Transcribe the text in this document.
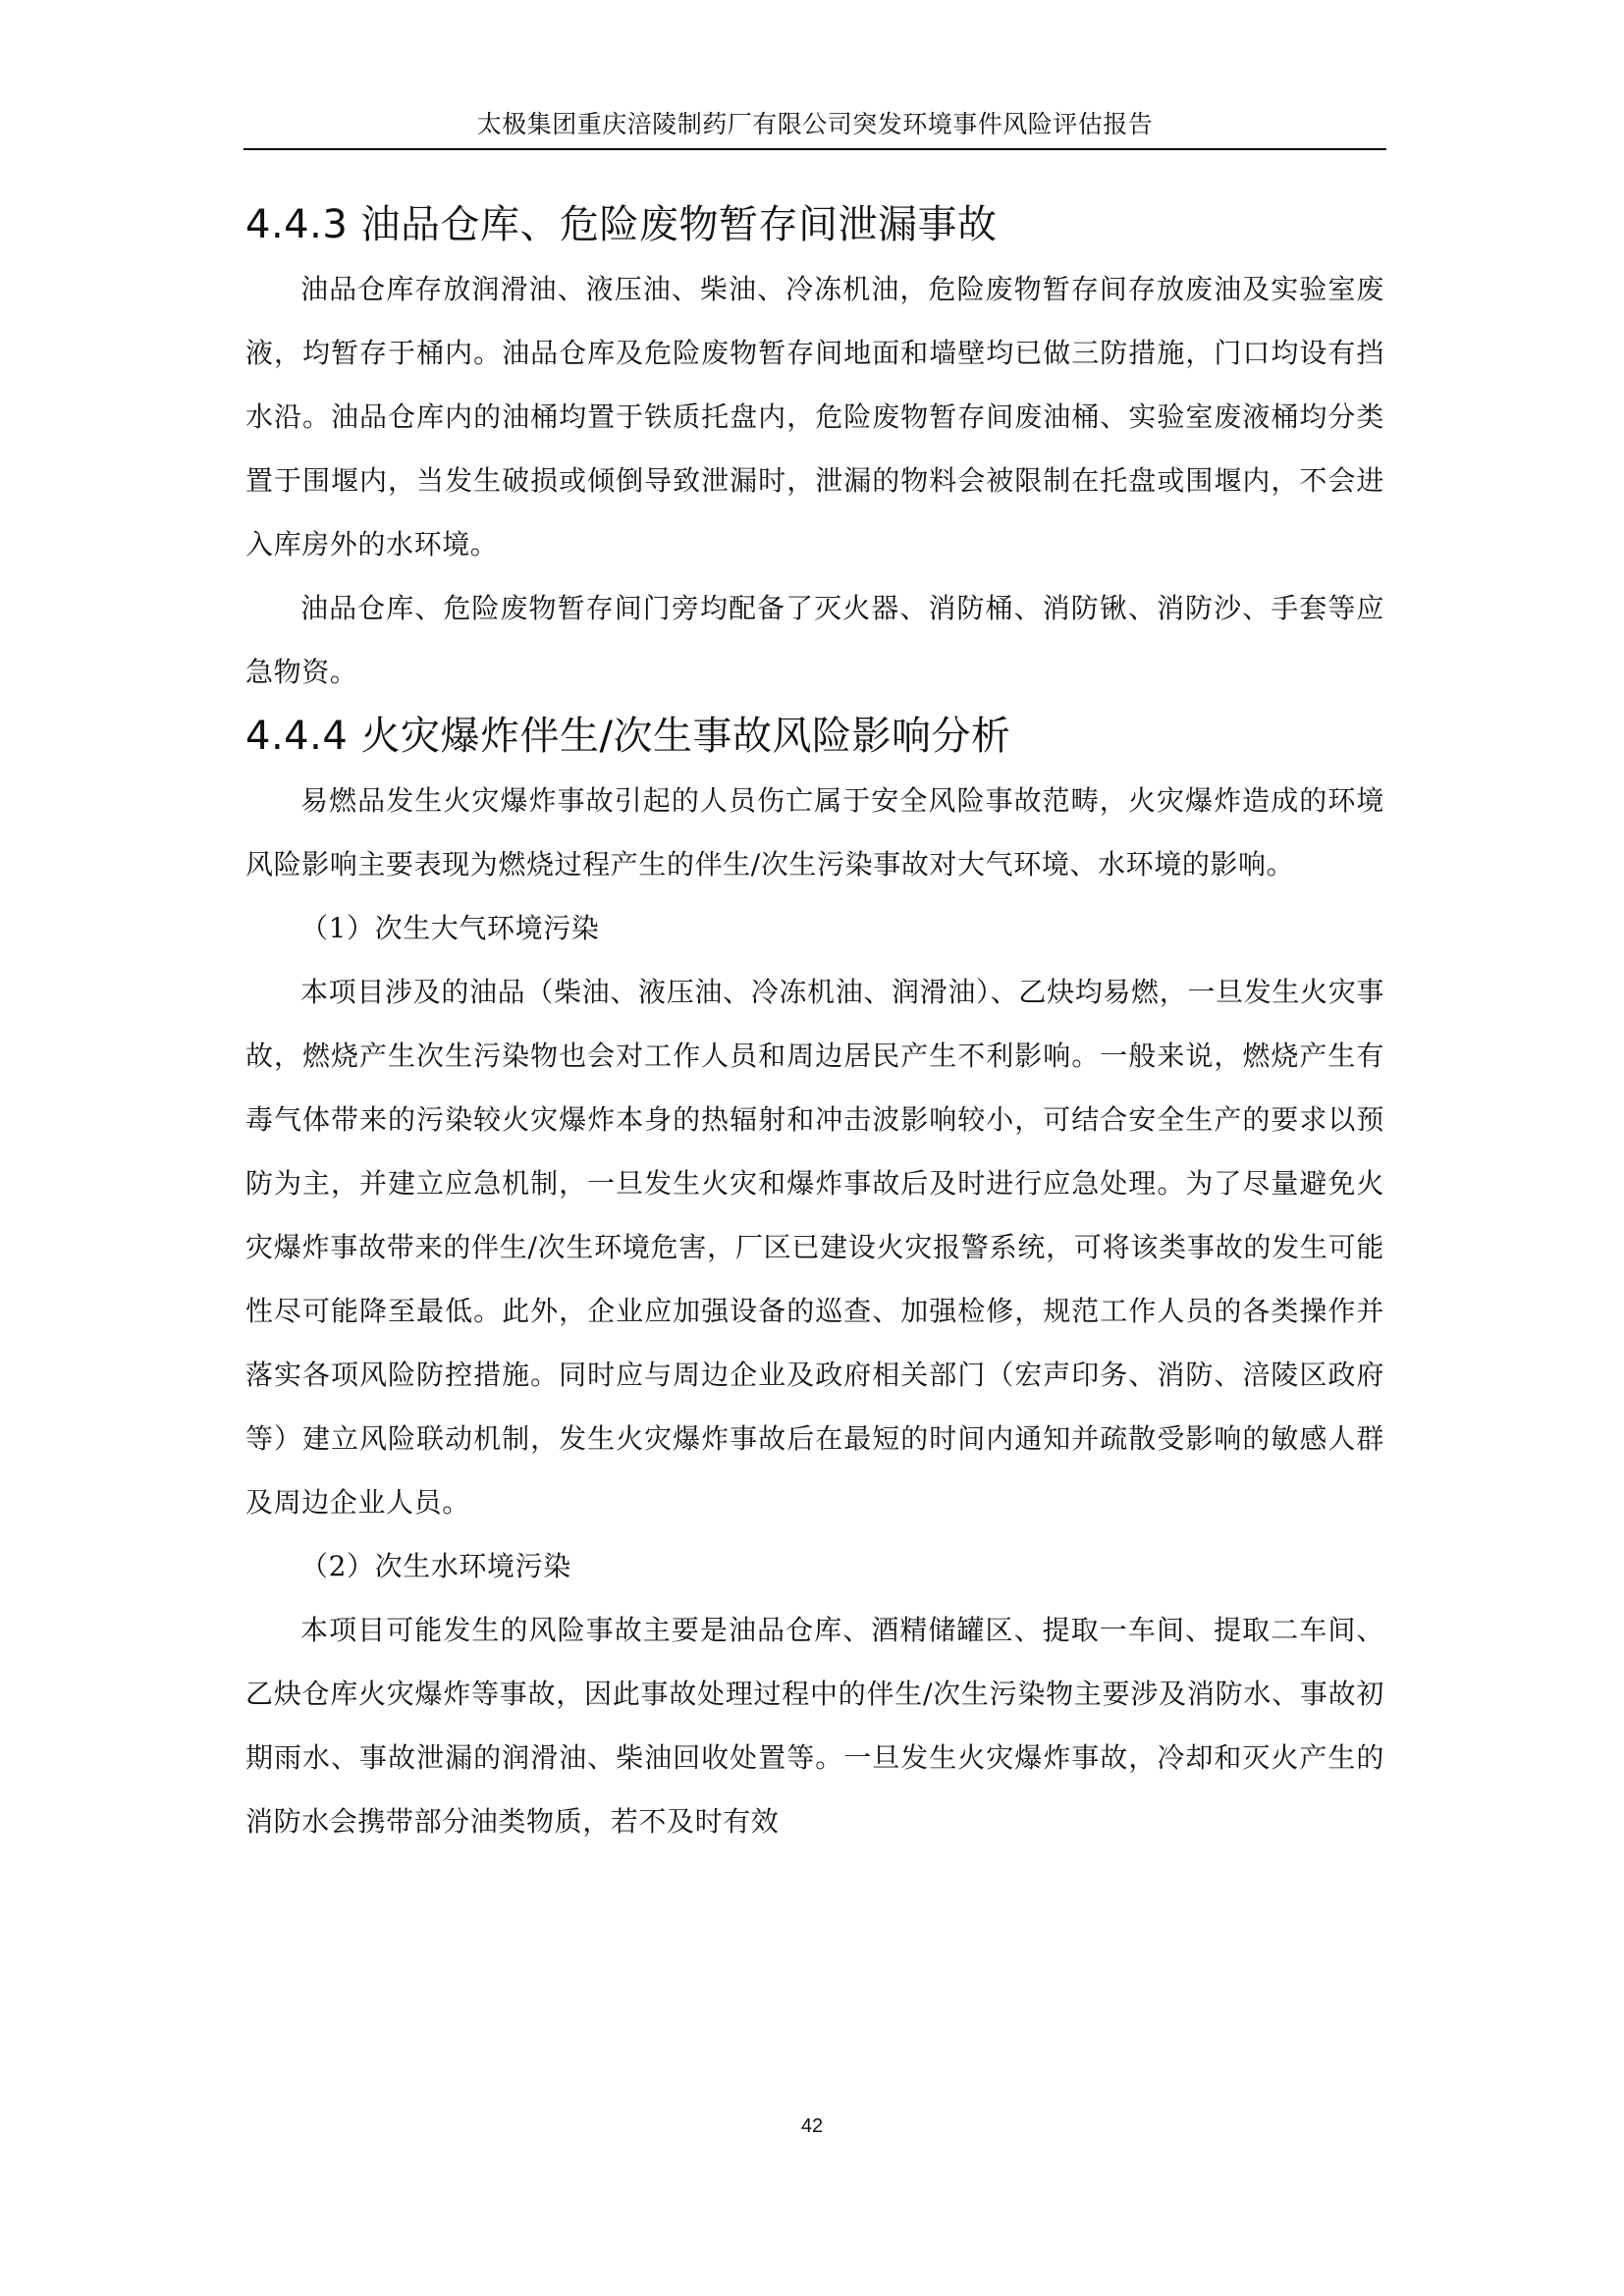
太极集团重庆涪陵制药厂有限公司突发环境事件风险评估报告
4.4.3 油品仓库、危险废物暂存间泄漏事故

油品仓库存放润滑油、液压油、柴油、冷冻机油，危险废物暂存间存放废油及实验室废液，均暂存于桶内。油品仓库及危险废物暂存间地面和墙壁均已做三防措施，门口均设有挡水沿。油品仓库内的油桶均置于铁质托盘内，危险废物暂存间废油桶、实验室废液桶均分类置于围堰内，当发生破损或倾倒导致泄漏时，泄漏的物料会被限制在托盘或围堰内，不会进入库房外的水环境。

油品仓库、危险废物暂存间门旁均配备了灭火器、消防桶、消防锹、消防沙、手套等应急物资。

4.4.4 火灾爆炸伴生/次生事故风险影响分析

易燃品发生火灾爆炸事故引起的人员伤亡属于安全风险事故范畴，火灾爆炸造成的环境风险影响主要表现为燃烧过程产生的伴生/次生污染事故对大气环境、水环境的影响。

（1）次生大气环境污染

本项目涉及的油品（柴油、液压油、冷冻机油、润滑油）、乙炔均易燃，一旦发生火灾事故，燃烧产生次生污染物也会对工作人员和周边居民产生不利影响。一般来说，燃烧产生有毒气体带来的污染较火灾爆炸本身的热辐射和冲击波影响较小，可结合安全生产的要求以预防为主，并建立应急机制，一旦发生火灾和爆炸事故后及时进行应急处理。为了尽量避免火灾爆炸事故带来的伴生/次生环境危害，厂区已建设火灾报警系统，可将该类事故的发生可能性尽可能降至最低。此外，企业应加强设备的巡查、加强检修，规范工作人员的各类操作并落实各项风险防控措施。同时应与周边企业及政府相关部门（宏声印务、消防、涪陵区政府等）建立风险联动机制，发生火灾爆炸事故后在最短的时间内通知并疏散受影响的敏感人群及周边企业人员。

（2）次生水环境污染

本项目可能发生的风险事故主要是油品仓库、酒精储罐区、提取一车间、提取二车间、乙炔仓库火灾爆炸等事故，因此事故处理过程中的伴生/次生污染物主要涉及消防水、事故初期雨水、事故泄漏的润滑油、柴油回收处置等。一旦发生火灾爆炸事故，冷却和灭火产生的消防水会携带部分油类物质，若不及时有效

42
